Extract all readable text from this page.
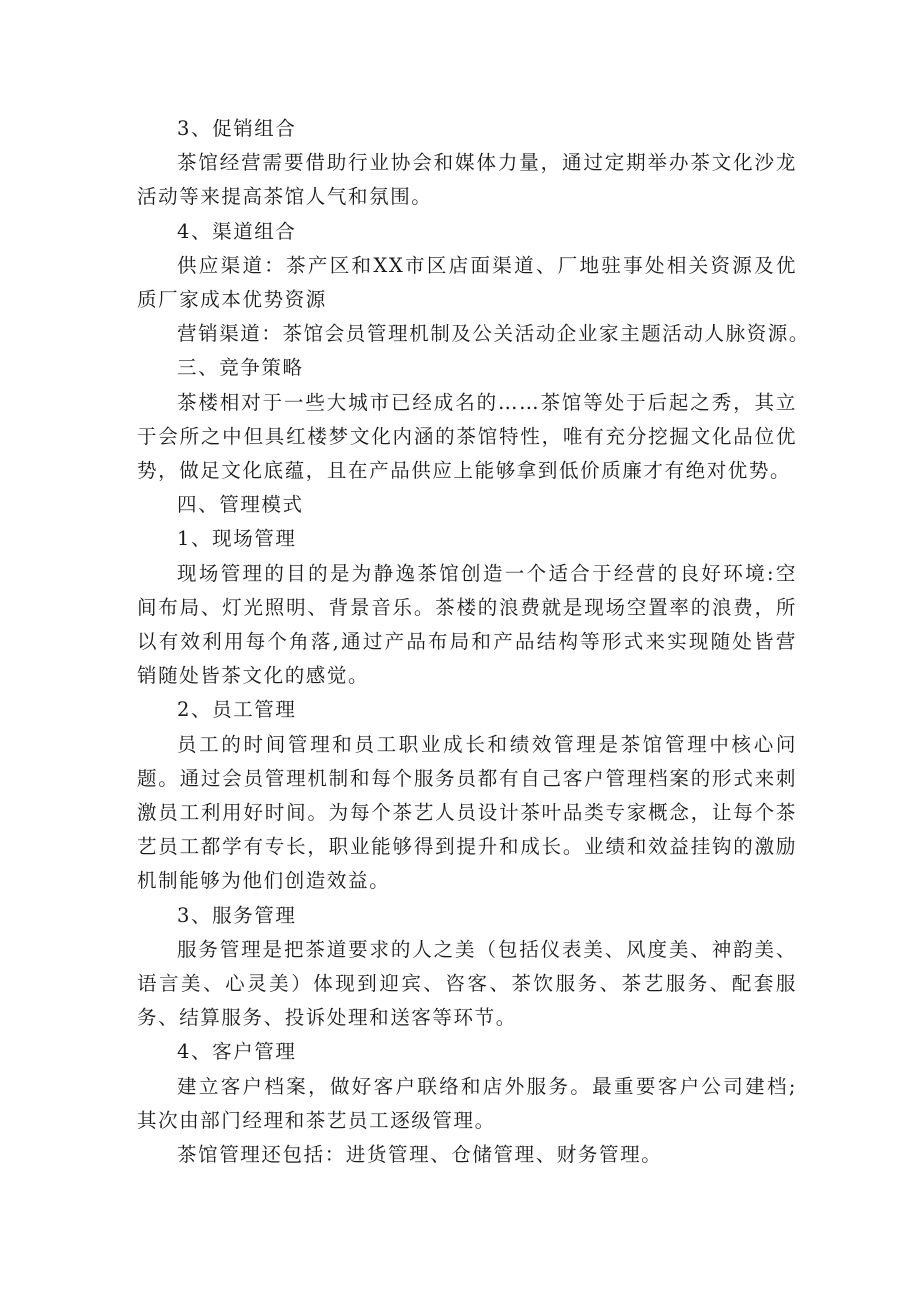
3、促销组合

茶馆经营需要借助行业协会和媒体力量，通过定期举办茶文化沙龙活动等来提高茶馆人气和氛围。

4、渠道组合

供应渠道：茶产区和XX市区店面渠道、厂地驻事处相关资源及优质厂家成本优势资源

营销渠道：茶馆会员管理机制及公关活动企业家主题活动人脉资源。

三、竞争策略

茶楼相对于一些大城市已经成名的……茶馆等处于后起之秀，其立于会所之中但具红楼梦文化内涵的茶馆特性，唯有充分挖掘文化品位优势，做足文化底蕴，且在产品供应上能够拿到低价质廉才有绝对优势。

四、管理模式

1、现场管理

现场管理的目的是为静逸茶馆创造一个适合于经营的良好环境:空间布局、灯光照明、背景音乐。茶楼的浪费就是现场空置率的浪费，所以有效利用每个角落,通过产品布局和产品结构等形式来实现随处皆营销随处皆茶文化的感觉。

2、员工管理

员工的时间管理和员工职业成长和绩效管理是茶馆管理中核心问题。通过会员管理机制和每个服务员都有自己客户管理档案的形式来刺激员工利用好时间。为每个茶艺人员设计茶叶品类专家概念，让每个茶艺员工都学有专长，职业能够得到提升和成长。业绩和效益挂钩的激励机制能够为他们创造效益。

3、服务管理

服务管理是把茶道要求的人之美（包括仪表美、风度美、神韵美、语言美、心灵美）体现到迎宾、咨客、茶饮服务、茶艺服务、配套服务、结算服务、投诉处理和送客等环节。

4、客户管理

建立客户档案，做好客户联络和店外服务。最重要客户公司建档;其次由部门经理和茶艺员工逐级管理。

茶馆管理还包括：进货管理、仓储管理、财务管理。
